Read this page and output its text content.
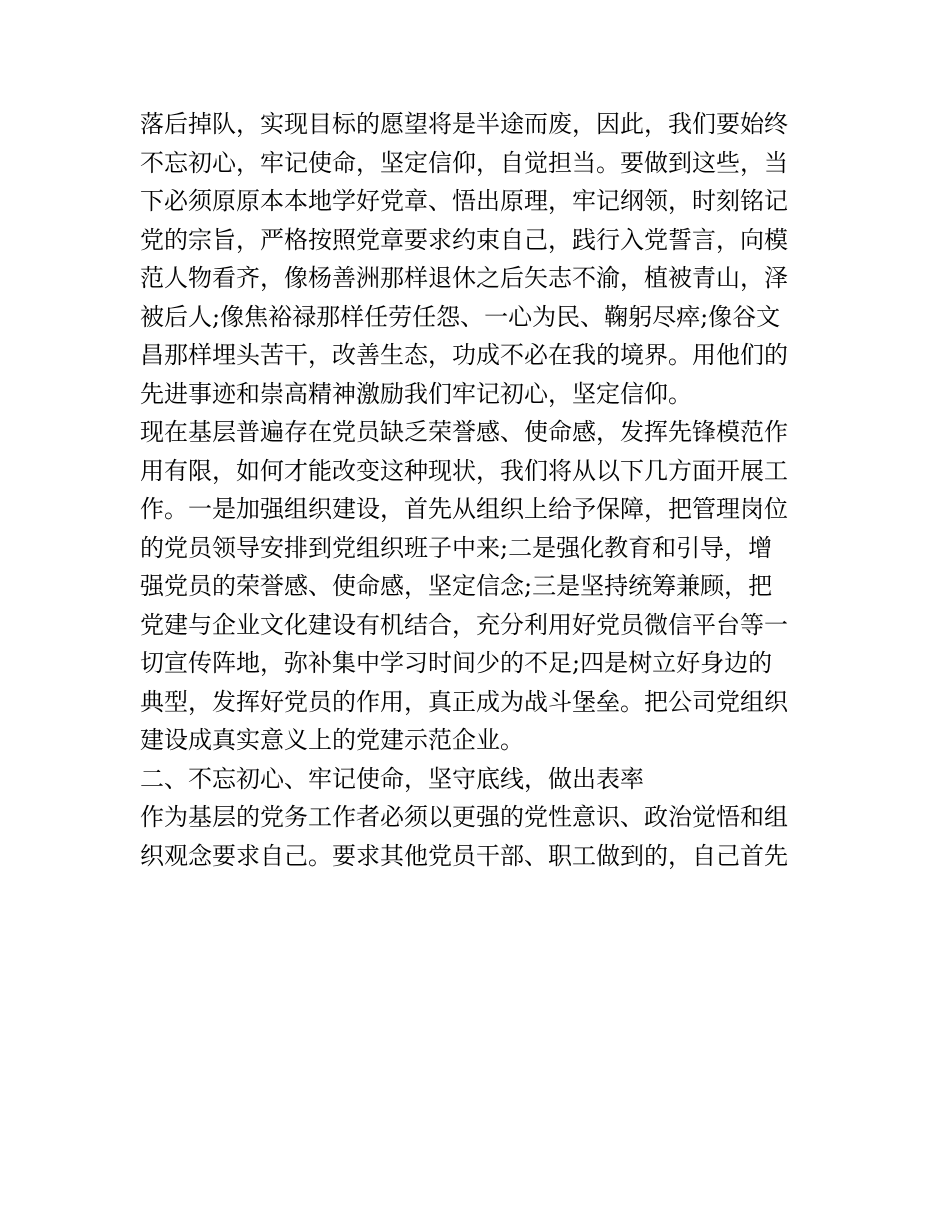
落后掉队，实现目标的愿望将是半途而废，因此，我们要始终
不忘初心，牢记使命，坚定信仰，自觉担当。要做到这些，当
下必须原原本本地学好党章、悟出原理，牢记纲领，时刻铭记
党的宗旨，严格按照党章要求约束自己，践行入党誓言，向模
范人物看齐，像杨善洲那样退休之后矢志不渝，植被青山，泽
被后人;像焦裕禄那样任劳任怨、一心为民、鞠躬尽瘁;像谷文
昌那样埋头苦干，改善生态，功成不必在我的境界。用他们的
先进事迹和崇高精神激励我们牢记初心，坚定信仰。
现在基层普遍存在党员缺乏荣誉感、使命感，发挥先锋模范作
用有限，如何才能改变这种现状，我们将从以下几方面开展工
作。一是加强组织建设，首先从组织上给予保障，把管理岗位
的党员领导安排到党组织班子中来;二是强化教育和引导，增
强党员的荣誉感、使命感，坚定信念;三是坚持统筹兼顾，把
党建与企业文化建设有机结合，充分利用好党员微信平台等一
切宣传阵地，弥补集中学习时间少的不足;四是树立好身边的
典型，发挥好党员的作用，真正成为战斗堡垒。把公司党组织
建设成真实意义上的党建示范企业。
二、不忘初心、牢记使命，坚守底线，做出表率
作为基层的党务工作者必须以更强的党性意识、政治觉悟和组
织观念要求自己。要求其他党员干部、职工做到的，自己首先
